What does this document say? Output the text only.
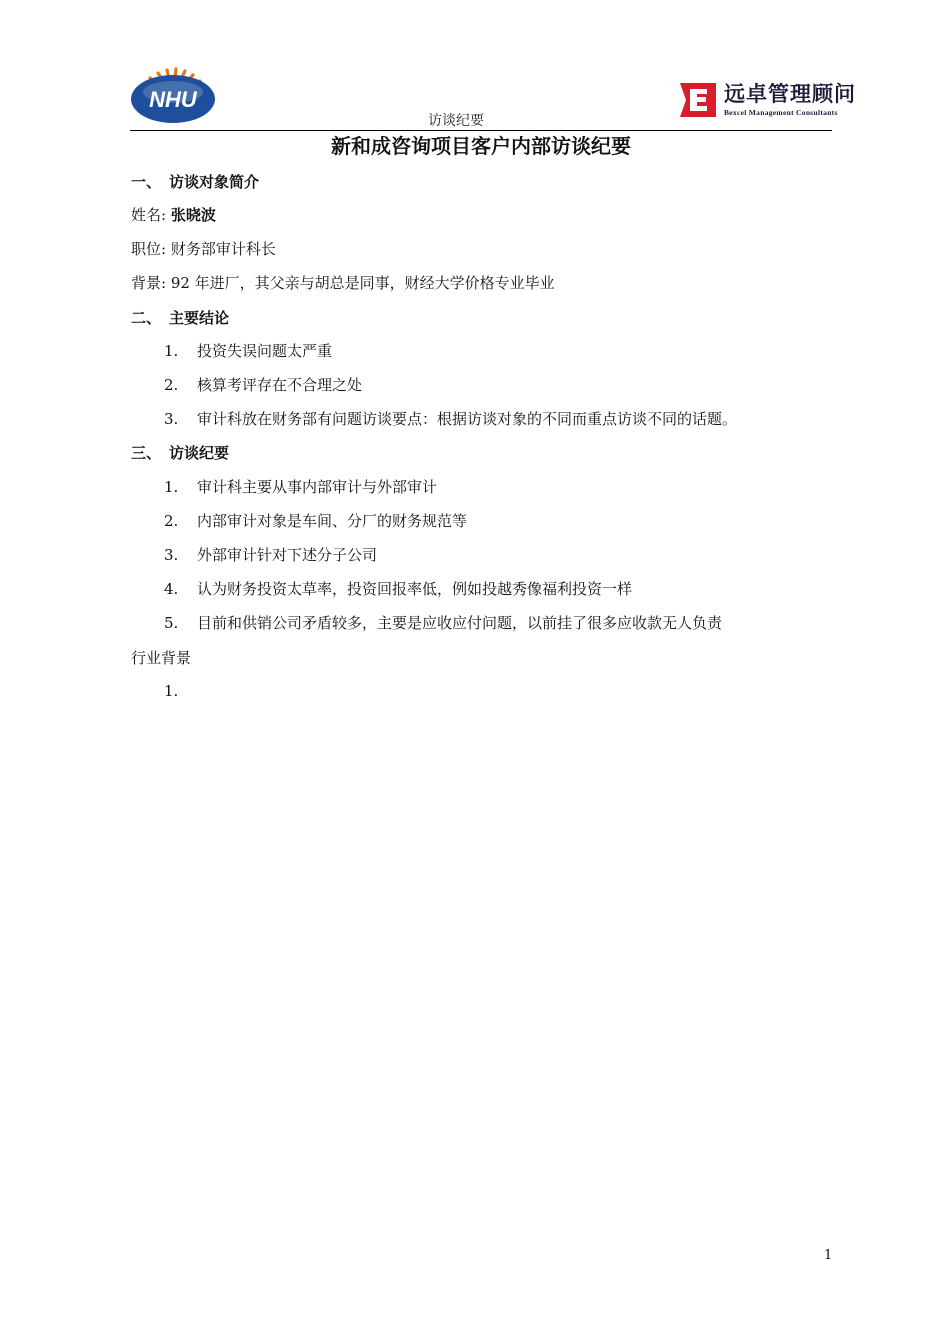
NHU	远卓管理顾问
Bexcel Management Consultants
访谈纪要
新和成咨询项目客户内部访谈纪要
一、 访谈对象简介
姓名: 张晓波
职位: 财务部审计科长
背景: 92 年进厂，其父亲与胡总是同事，财经大学价格专业毕业
二、 主要结论
1. 投资失误问题太严重
2. 核算考评存在不合理之处
3. 审计科放在财务部有问题访谈要点：根据访谈对象的不同而重点访谈不同的话题。
三、 访谈纪要
1. 审计科主要从事内部审计与外部审计
2. 内部审计对象是车间、分厂的财务规范等
3. 外部审计针对下述分子公司
4. 认为财务投资太草率，投资回报率低，例如投越秀像福利投资一样
5. 目前和供销公司矛盾较多，主要是应收应付问题，以前挂了很多应收款无人负责
行业背景
1.
1
